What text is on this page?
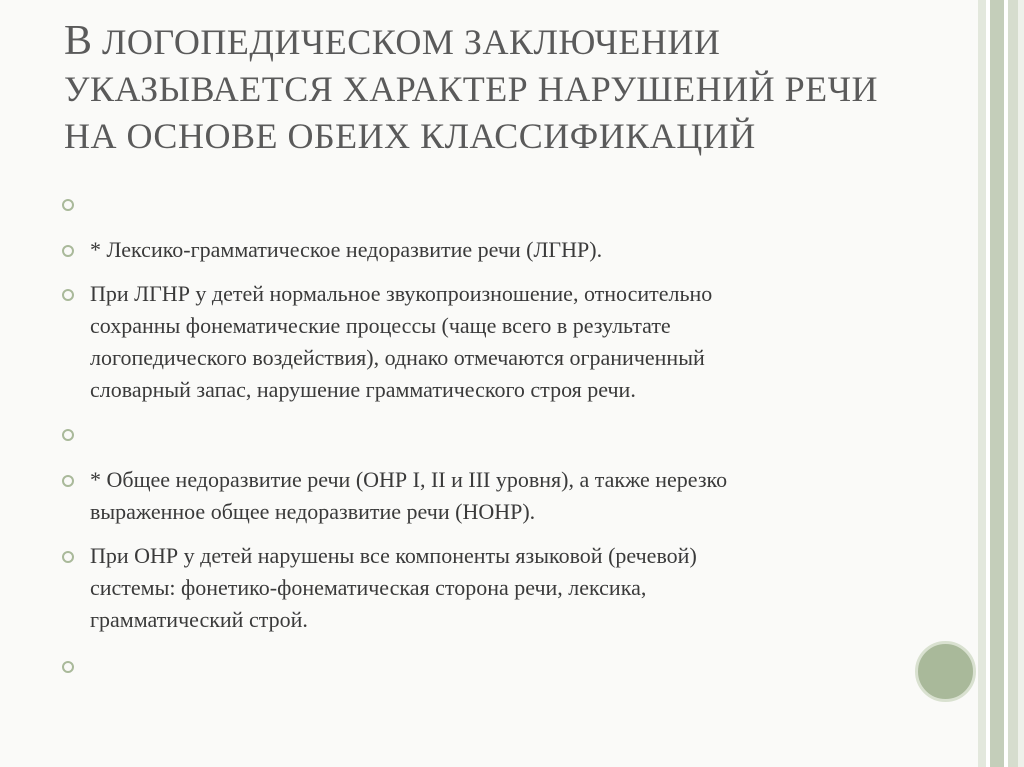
В ЛОГОПЕДИЧЕСКОМ ЗАКЛЮЧЕНИИ
УКАЗЫВАЕТСЯ ХАРАКТЕР НАРУШЕНИЙ РЕЧИ
НА ОСНОВЕ ОБЕИХ КЛАССИФИКАЦИЙ
* Лексико-грамматическое недоразвитие речи (ЛГНР).
При ЛГНР у детей нормальное звукопроизношение, относительно
сохранны фонематические процессы (чаще всего в результате
логопедического воздействия), однако отмечаются ограниченный
словарный запас, нарушение грамматического строя речи.
* Общее недоразвитие речи (ОНР I, II и III уровня), а также нерезко
выраженное общее недоразвитие речи (НОНР).
При ОНР у детей нарушены все компоненты языковой (речевой)
системы: фонетико-фонематическая сторона речи, лексика,
грамматический строй.
